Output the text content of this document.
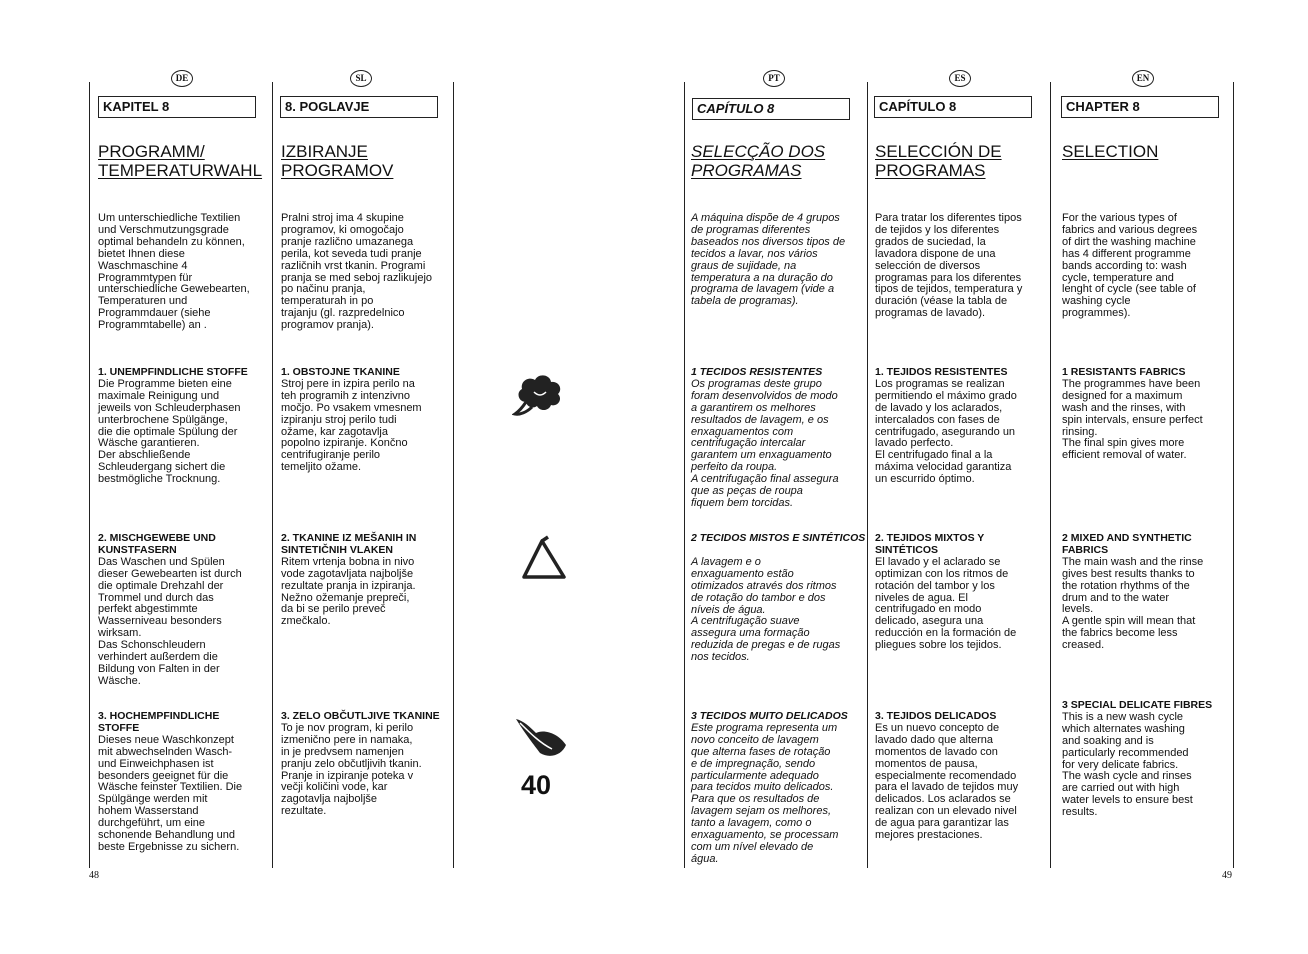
DE
KAPITEL 8
PROGRAMM/
TEMPERATURWAHL
Um unterschiedliche Textilien
und Verschmutzungsgrade
optimal behandeln zu können,
bietet Ihnen diese
Waschmaschine 4
Programmtypen für
unterschiedliche Gewebearten,
Temperaturen und
Programmdauer (siehe
Programmtabelle) an .
1. UNEMPFINDLICHE STOFFE
Die Programme bieten eine
maximale Reinigung und
jeweils von Schleuderphasen
unterbrochene Spülgänge,
die die optimale Spülung der
Wäsche garantieren.
Der abschließende
Schleudergang sichert die
bestmögliche Trocknung.
2. MISCHGEWEBE UND
KUNSTFASERN
Das Waschen und Spülen
dieser Gewebearten ist durch
die optimale Drehzahl der
Trommel und durch das
perfekt abgestimmte
Wasserniveau besonders
wirksam.
Das Schonschleudern
verhindert außerdem die
Bildung von Falten in der
Wäsche.
3. HOCHEMPFINDLICHE STOFFE
Dieses neue Waschkonzept
mit abwechselnden Wasch-
und Einweichphasen ist
besonders geeignet für die
Wäsche feinster Textilien. Die
Spülgänge werden mit
hohem Wasserstand
durchgeführt, um eine
schonende Behandlung und
beste Ergebnisse zu sichern.
SL
8. POGLAVJE
IZBIRANJE
PROGRAMOV
Pralni stroj ima 4 skupine
programov, ki omogočajo
pranje različno umazanega
perila, kot seveda tudi pranje
različnih vrst tkanin. Programi
pranja se med seboj razlikujejo
po načinu pranja,
temperaturah in po
trajanju (gl. razpredelnico
programov pranja).
1. OBSTOJNE TKANINE
Stroj pere in izpira perilo na
teh programih z intenzivno
močjo. Po vsakem vmesnem
izpiranju stroj perilo tudi
ožame, kar zagotavlja
popolno izpiranje. Končno
centrifugiranje perilo
temeljito ožame.
2. TKANINE IZ MEŠANIH IN
SINTETIČNIH VLAKEN
Ritem vrtenja bobna in nivo
vode zagotavljata najboljše
rezultate pranja in izpiranja.
Nežno ožemanje prepreči,
da bi se perilo preveč
zmečkalo.
3. ZELO OBČUTLJIVE TKANINE
To je nov program, ki perilo
izmenično pere in namaka,
in je predvsem namenjen
pranju zelo občutljivih tkanin.
Pranje in izpiranje poteka v
večji količini vode, kar
zagotavlja najboljše
rezultate.
40
PT
CAPÍTULO 8
SELECÇÃO DOS
PROGRAMAS
A máquina dispõe de 4 grupos
de programas diferentes
baseados nos diversos tipos de
tecidos a lavar, nos vários
graus de sujidade, na
temperatura a na duração do
programa de lavagem (vide a
tabela de programas).
1 TECIDOS RESISTENTES
Os programas deste grupo
foram desenvolvidos de modo
a garantirem os melhores
resultados de lavagem, e os
enxaguamentos com
centrifugação intercalar
garantem um enxaguamento
perfeito da roupa.
A centrifugação final assegura
que as peças de roupa
fiquem bem torcidas.
2 TECIDOS MISTOS E SINTÉTICOS
A lavagem e o
enxaguamento estão
otimizados através dos ritmos
de rotação do tambor e dos
níveis de água.
A centrifugação suave
assegura uma formação
reduzida de pregas e de rugas
nos tecidos.
3 TECIDOS MUITO DELICADOS
Este programa representa um
novo conceito de lavagem
que alterna fases de rotação
e de impregnação, sendo
particularmente adequado
para tecidos muito delicados.
Para que os resultados de
lavagem sejam os melhores,
tanto a lavagem, como o
enxaguamento, se processam
com um nível elevado de
água.
ES
CAPÍTULO 8
SELECCIÓN DE
PROGRAMAS
Para tratar los diferentes tipos
de tejidos y los diferentes
grados de suciedad, la
lavadora dispone de una
selección de diversos
programas para los diferentes
tipos de tejidos, temperatura y
duración (véase la tabla de
programas de lavado).
1. TEJIDOS RESISTENTES
Los programas se realizan
permitiendo el máximo grado
de lavado y los aclarados,
intercalados con fases de
centrifugado, asegurando un
lavado perfecto.
El centrifugado final a la
máxima velocidad garantiza
un escurrido óptimo.
2. TEJIDOS MIXTOS Y
SINTÉTICOS
El lavado y el aclarado se
optimizan con los ritmos de
rotación del tambor y los
niveles de agua. El
centrifugado en modo
delicado, asegura una
reducción en la formación de
pliegues sobre los tejidos.
3. TEJIDOS DELICADOS
Es un nuevo concepto de
lavado dado que alterna
momentos de lavado con
momentos de pausa,
especialmente recomendado
para el lavado de tejidos muy
delicados. Los aclarados se
realizan con un elevado nivel
de agua para garantizar las
mejores prestaciones.
EN
CHAPTER 8
SELECTION
For the various types of
fabrics and various degrees
of dirt the washing machine
has 4 different programme
bands according to: wash
cycle, temperature and
lenght of cycle (see table of
washing cycle
programmes).
1 RESISTANTS FABRICS
The programmes have been
designed for a maximum
wash and the rinses, with
spin intervals, ensure perfect
rinsing.
The final spin gives more
efficient removal of water.
2 MIXED AND SYNTHETIC
FABRICS
The main wash and the rinse
gives best results thanks to
the rotation rhythms of the
drum and to the water
levels.
A gentle spin will mean that
the fabrics become less
creased.
3 SPECIAL DELICATE FIBRES
This is a new wash cycle
which alternates washing
and soaking and is
particularly recommended
for very delicate fabrics.
The wash cycle and rinses
are carried out with high
water levels to ensure best
results.
48	49
